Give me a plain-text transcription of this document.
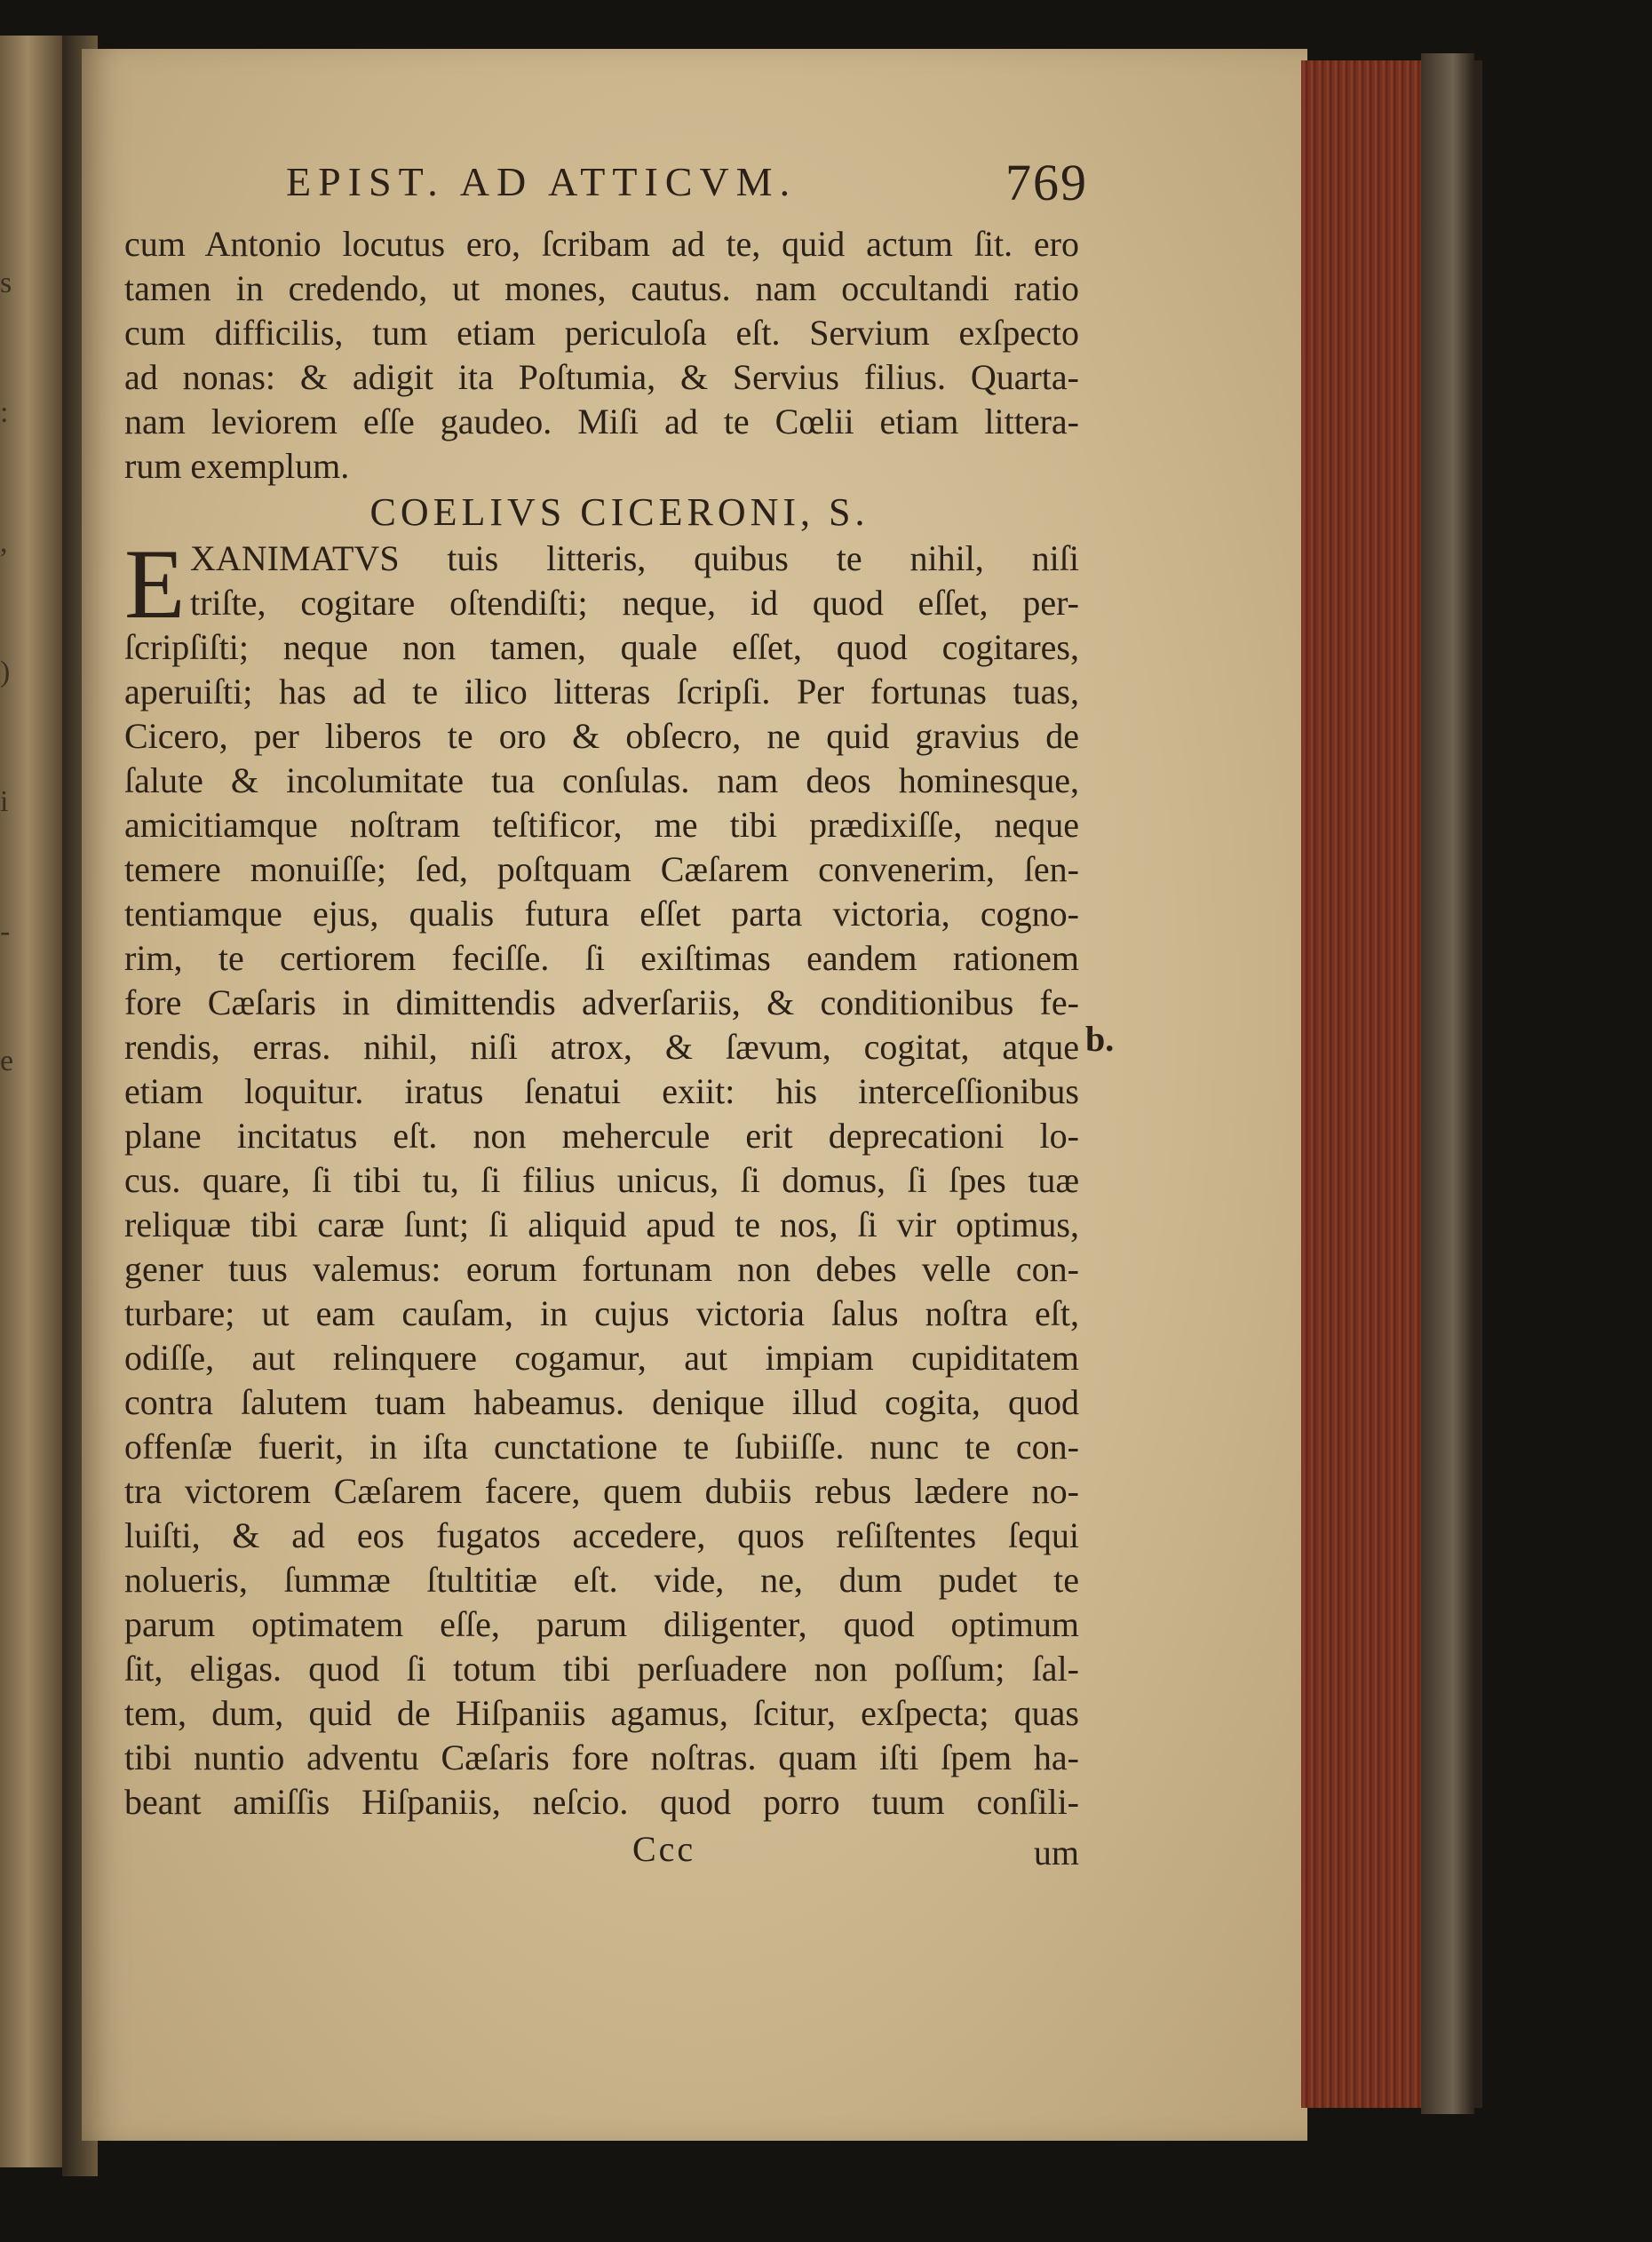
s
:
,
)
i
-
e
EPIST. AD ATTICVM.	769
cum Antonio locutus ero, ſcribam ad te, quid actum ſit. ero
tamen in credendo, ut mones, cautus. nam occultandi ratio
cum difficilis, tum etiam periculoſa eſt. Servium exſpecto
ad nonas: & adigit ita Poſtumia, & Servius filius. Quarta-
nam leviorem eſſe gaudeo. Miſi ad te Cœlii etiam littera-
rum exemplum.
COELIVS CICERONI, S.
E XANIMATVS tuis litteris, quibus te nihil, niſi
triſte, cogitare oſtendiſti; neque, id quod eſſet, per-
ſcripſiſti; neque non tamen, quale eſſet, quod cogitares,
aperuiſti; has ad te ilico litteras ſcripſi. Per fortunas tuas,
Cicero, per liberos te oro & obſecro, ne quid gravius de
ſalute & incolumitate tua conſulas. nam deos hominesque,
amicitiamque noſtram teſtificor, me tibi prædixiſſe, neque
temere monuiſſe; ſed, poſtquam Cæſarem convenerim, ſen-
tentiamque ejus, qualis futura eſſet parta victoria, cogno-
rim, te certiorem feciſſe. ſi exiſtimas eandem rationem
fore Cæſaris in dimittendis adverſariis, & conditionibus fe-
rendis, erras. nihil, niſi atrox, & ſævum, cogitat, atque
etiam loquitur. iratus ſenatui exiit: his interceſſionibus
plane incitatus eſt. non mehercule erit deprecationi lo-
cus. quare, ſi tibi tu, ſi filius unicus, ſi domus, ſi ſpes tuæ
reliquæ tibi caræ ſunt; ſi aliquid apud te nos, ſi vir optimus,
gener tuus valemus: eorum fortunam non debes velle con-
turbare; ut eam cauſam, in cujus victoria ſalus noſtra eſt,
odiſſe, aut relinquere cogamur, aut impiam cupiditatem
contra ſalutem tuam habeamus. denique illud cogita, quod
offenſæ fuerit, in iſta cunctatione te ſubiiſſe. nunc te con-
tra victorem Cæſarem facere, quem dubiis rebus lædere no-
luiſti, & ad eos fugatos accedere, quos reſiſtentes ſequi
nolueris, ſummæ ſtultitiæ eſt. vide, ne, dum pudet te
parum optimatem eſſe, parum diligenter, quod optimum
ſit, eligas. quod ſi totum tibi perſuadere non poſſum; ſal-
tem, dum, quid de Hiſpaniis agamus, ſcitur, exſpecta; quas
tibi nuntio adventu Cæſaris fore noſtras. quam iſti ſpem ha-
beant amiſſis Hiſpaniis, neſcio. quod porro tuum conſili-
Ccc	um
b.
